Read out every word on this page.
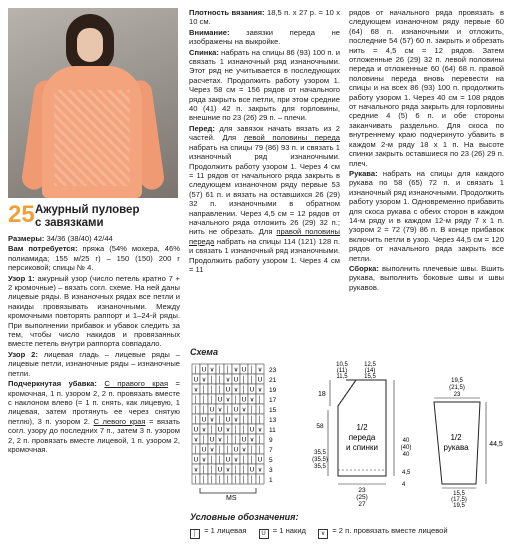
25 Ажурный пуловер
с завязками

Размеры: 34/36 (38/40) 42/44

Вам потребуется: пряжа (54% мохера, 46% полиамида; 155 м/25 г) – 150 (150) 200 г персиковой; спицы № 4.

Узор 1: ажурный узор (число петель кратно 7 + 2 кромочные) – вязать согл. схеме. На ней даны лицевые ряды. В изнаночных рядах все петли и накиды провязывать изнаночными. Между кромочными повторять раппорт и 1–24-й ряды. При выполнении прибавок и убавок следить за тем, чтобы число накидов и провязанных вместе петель внутри раппорта совпадало.

Узор 2: лицевая гладь – лицевые ряды – лицевые петли, изнаночные ряды – изнаночные петли.

Подчеркнутая убавка: С правого края = кромочная, 1 п. узором 2, 2 п. провязать вместе с наклоном влево (= 1 п. снять, как лицевую, 1 лицевая, затем протянуть ее через снятую петлю), 3 п. узором 2. С левого края = вязать согл. узору до последних 7 п., затем 3 п. узором 2, 2 п. провязать вместе лицевой, 1 п. узором 2, кромочная.

Плотность вязания: 18,5 п. х 27 р. = 10 х 10 см.

Внимание: завязки переда не изображены на выкройке.

Спинка: набрать на спицы 86 (93) 100 п. и связать 1 изнаночный ряд изнаночными. Этот ряд не учитывается в последующих расчетах. Продолжить работу узором 1. Через 58 см = 156 рядов от начального ряда закрыть все петли, при этом средние 40 (41) 42 п. закрыть для горловины, внешние по 23 (26) 29 п. – плечи.

Перед: для завязок начать вязать из 2 частей. Для левой половины переда набрать на спицы 79 (86) 93 п. и связать 1 изнаночный ряд изнаночными. Продолжить работу узором 1. Через 4 см = 11 рядов от начального ряда закрыть в следующем изнаночном ряду первые 53 (57) 61 п. и вязать на оставшихся 26 (29) 32 п. изнаночными в обратном направлении. Через 4,5 см = 12 рядов от начального ряда отложить 26 (29) 32 п.; нить не обрезать. Для правой половины переда набрать на спицы 114 (121) 128 п. и связать 1 изнаночный ряд изнаночными. Продолжить работу узором 1. Через 4 см = 11

рядов от начального ряда провязать в следующем изнаночном ряду первые 60 (64) 68 п. изнаночными и отложить, последние 54 (57) 60 п. закрыть и обрезать нить = 4,5 см = 12 рядов. Затем отложенные 26 (29) 32 п. левой половины переда и отложенные 60 (64) 68 п. правой половины переда вновь перевести на спицы и на всех 86 (93) 100 п. продолжить работу узором 1. Через 40 см = 108 рядов от начального ряда закрыть для горловины средние 4 (5) 6 п. и обе стороны заканчивать раздельно. Для скоса по внутреннему краю подчеркнуто убавить в каждом 2-м ряду 18 х 1 п. На высоте спинки закрыть оставшиеся по 23 (26) 29 п. плеч.

Рукава: набрать на спицы для каждого рукава по 58 (65) 72 п. и связать 1 изнаночный ряд изнаночными. Продолжить работу узором 1. Одновременно прибавить для скоса рукава с обеих сторон в каждом 14-м ряду и в каждом 12-м ряду 7 х 1 п. узором 2 = 72 (79) 86 п. В конце прибавок включить петли в узор. Через 44,5 см = 120 рядов от начального ряда закрыть все петли.

Сборка: выполнить плечевые швы. Вшить рукава, выполнить боковые швы и швы рукавов.

Схема
│ U ∨ │ │ ∨ U │ ∨
U ∨ │ │ ∨ U │ │ U
∨ │ │ │ U ∨ │ U ∨
│ │ │ U ∨ │ U ∨ │
│ │ U ∨ │ U ∨ │ │
│ U ∨ │ U ∨ │ │ │
U ∨ │ U ∨ │ │ U ∨
∨ │ U ∨ │ │ U ∨ │
│ U ∨ │ │ U ∨ │ │
U ∨ │ │ U ∨ │ │ U
∨ │ │ U ∨ │ │ U ∨
│ │ │ │ │ │ │ │ │
23
21
19
17
15
13
11
9
7
5
3
1
MS
1/2
переда
и спинки
10,5
(11)
11,5
12,5
(14)
15,5
18
58
35,5
(35,5)
35,5
40
(40)
40
4,5
4
23
(25)
27
1/2
рукава
19,5
(21,5)
23
44,5
15,5
(17,5)
19,5
Условные обозначения:
│ = 1 лицевая U = 1 накид ∨ = 2 п. провязать вместе лицевой
